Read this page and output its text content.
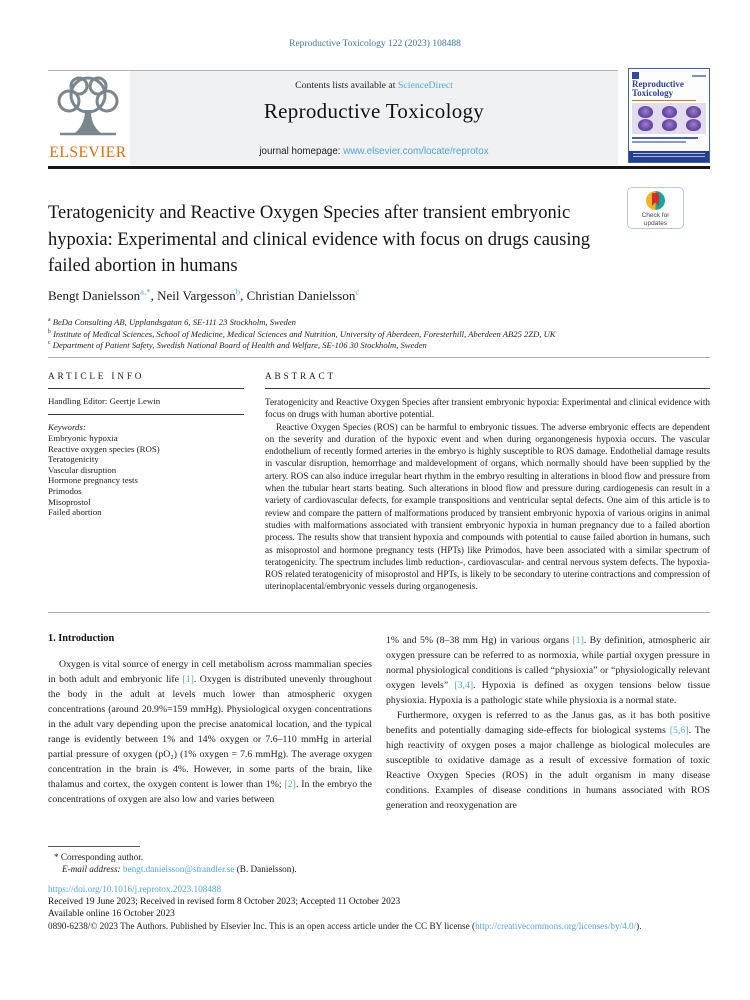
Reproductive Toxicology 122 (2023) 108488
ELSEVIER
Contents lists available at ScienceDirect
Reproductive Toxicology
journal homepage: www.elsevier.com/locate/reprotox
Reproductive
Toxicology
Check for
updates
Teratogenicity and Reactive Oxygen Species after transient embryonic hypoxia: Experimental and clinical evidence with focus on drugs causing failed abortion in humans
Bengt Danielsson$^{a,*}$, Neil Vargesson$^b$, Christian Danielsson$^c$
$^a$ BeDa Consulting AB, Upplandsgatan 6, SE-111 23 Stockholm, Sweden
$^b$ Institute of Medical Sciences, School of Medicine, Medical Sciences and Nutrition, University of Aberdeen, Foresterhill, Aberdeen AB25 2ZD, UK
$^c$ Department of Patient Safety, Swedish National Board of Health and Welfare, SE-106 30 Stockholm, Sweden
ARTICLE INFO
Handling Editor: Geertje Lewin
Keywords:
Embryonic hypoxia
Reactive oxygen species (ROS)
Teratogenicity
Vascular disruption
Hormone pregnancy tests
Primodos
Misoprostol
Failed abortion
ABSTRACT
Teratogenicity and Reactive Oxygen Species after transient embryonic hypoxia: Experimental and clinical evidence with focus on drugs with human abortive potential.
Reactive Oxygen Species (ROS) can be harmful to embryonic tissues. The adverse embryonic effects are dependent on the severity and duration of the hypoxic event and when during organongenesis hypoxia occurs. The vascular endothelium of recently formed arteries in the embryo is highly susceptible to ROS damage. Endothelial damage results in vascular disruption, hemorrhage and maldevelopment of organs, which normally should have been supplied by the artery. ROS can also induce irregular heart rhythm in the embryo resulting in alterations in blood flow and pressure from when the tubular heart starts beating. Such alterations in blood flow and pressure during cardiogenesis can result in a variety of cardiovascular defects, for example transpositions and ventricular septal defects. One aim of this article is to review and compare the pattern of malformations produced by transient embryonic hypoxia of various origins in animal studies with malformations associated with transient embryonic hypoxia in human pregnancy due to a failed abortion process. The results show that transient hypoxia and compounds with potential to cause failed abortion in humans, such as misoprostol and hormone pregnancy tests (HPTs) like Primodos, have been associated with a similar spectrum of teratogenicity. The spectrum includes limb reduction-, cardiovascular- and central nervous system defects. The hypoxia-ROS related teratogenicity of misoprostol and HPTs, is likely to be secondary to uterine contractions and compression of uterinoplacental/embryonic vessels during organogenesis.
1. Introduction
Oxygen is vital source of energy in cell metabolism across mammalian species in both adult and embryonic life [1]. Oxygen is distributed unevenly throughout the body in the adult at levels much lower than atmospheric oxygen concentrations (around 20.9%=159 mmHg). Physiological oxygen concentrations in the adult vary depending upon the precise anatomical location, and the typical range is evidently between 1% and 14% oxygen or 7.6–110 mmHg in arterial partial pressure of oxygen (pO₂) (1% oxygen = 7.6 mmHg). The average oxygen concentration in the brain is 4%. However, in some parts of the brain, like thalamus and cortex, the oxygen content is lower than 1%; [2]. In the embryo the concentrations of oxygen are also low and varies between
1% and 5% (8–38 mm Hg) in various organs [1]. By definition, atmospheric air oxygen pressure can be referred to as normoxia, while partial oxygen pressure in normal physiological conditions is called “physioxia” or “physiologically relevant oxygen levels” [3,4]. Hypoxia is defined as oxygen tensions below tissue physioxia. Hypoxia is a pathologic state while physioxia is a normal state.
Furthermore, oxygen is referred to as the Janus gas, as it has both positive benefits and potentially damaging side-effects for biological systems [5,6]. The high reactivity of oxygen poses a major challenge as biological molecules are susceptible to oxidative damage as a result of excessive formation of toxic Reactive Oxygen Species (ROS) in the adult organism in many disease conditions. Examples of disease conditions in humans associated with ROS generation and reoxygenation are
* Corresponding author.
E-mail address: bengt.danielsson@strandler.se (B. Danielsson).
https://doi.org/10.1016/j.reprotox.2023.108488
Received 19 June 2023; Received in revised form 8 October 2023; Accepted 11 October 2023
Available online 16 October 2023
0890-6238/© 2023 The Authors. Published by Elsevier Inc. This is an open access article under the CC BY license (http://creativecommons.org/licenses/by/4.0/).
